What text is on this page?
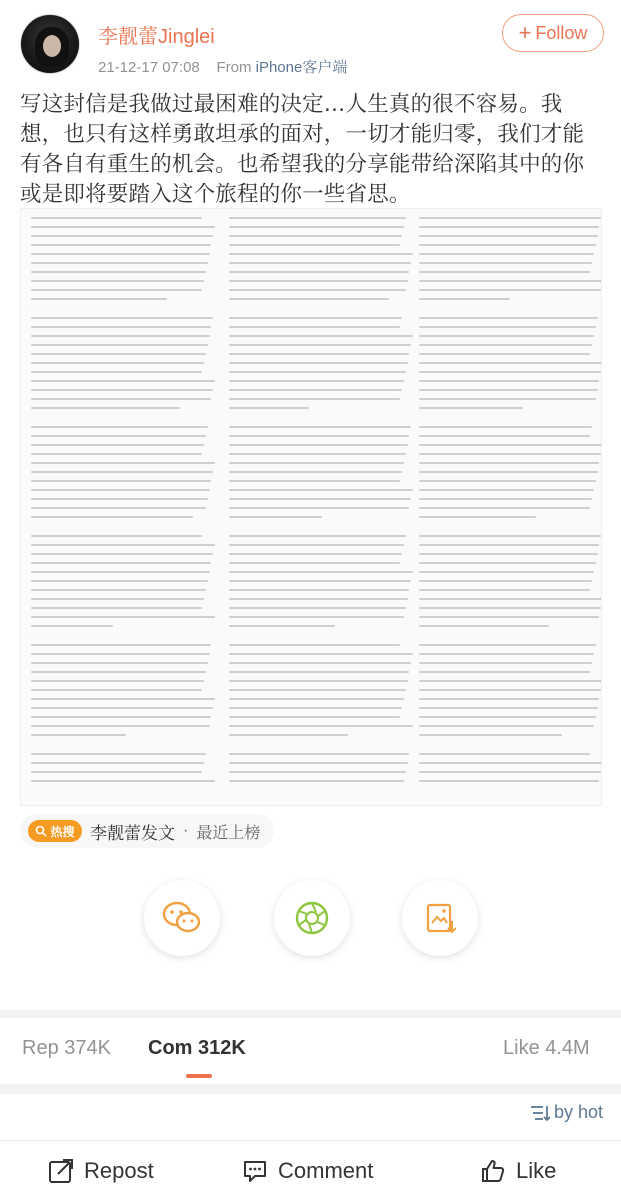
李靓蕾Jinglei
21-12-17 07:08 From iPhone客户端
+ Follow
写这封信是我做过最困难的决定…人生真的很不容易。我想，也只有这样勇敢坦承的面对，一切才能归零，我们才能有各自有重生的机会。也希望我的分享能带给深陷其中的你或是即将要踏入这个旅程的你一些省思。
热搜 李靓蕾发文 · 最近上榜
Rep 374K Com 312K	Like 4.4M
by hot
Repost	Comment	Like
